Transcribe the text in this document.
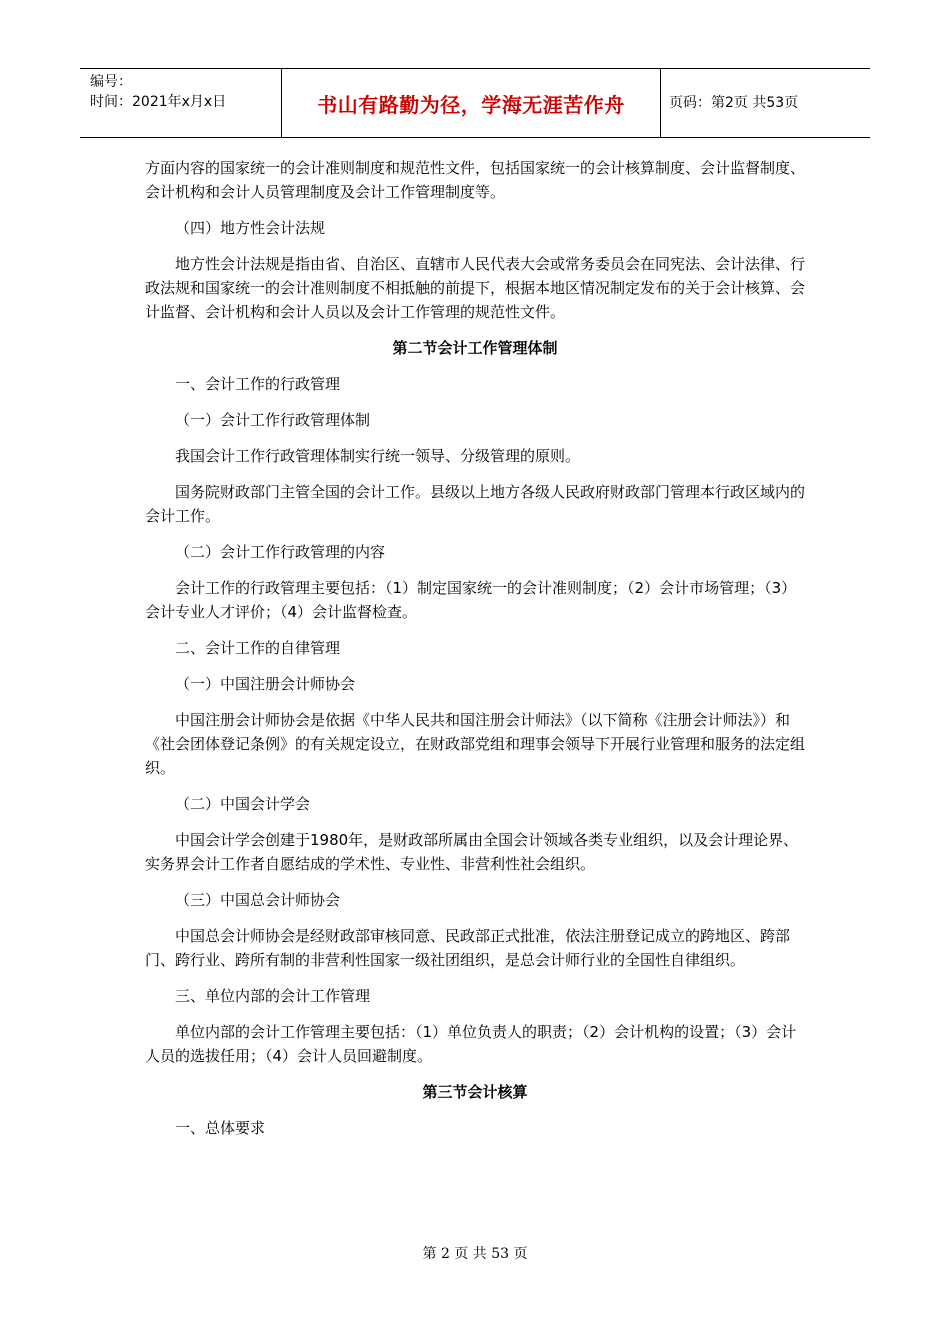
编号：
时间：2021年x月x日	书山有路勤为径，学海无涯苦作舟	页码：第2页 共53页

方面内容的国家统一的会计准则制度和规范性文件，包括国家统一的会计核算制度、会计监督制度、会计机构和会计人员管理制度及会计工作管理制度等。

（四）地方性会计法规

地方性会计法规是指由省、自治区、直辖市人民代表大会或常务委员会在同宪法、会计法律、行政法规和国家统一的会计准则制度不相抵触的前提下，根据本地区情况制定发布的关于会计核算、会计监督、会计机构和会计人员以及会计工作管理的规范性文件。

第二节会计工作管理体制

一、会计工作的行政管理

（一）会计工作行政管理体制

我国会计工作行政管理体制实行统一领导、分级管理的原则。

国务院财政部门主管全国的会计工作。县级以上地方各级人民政府财政部门管理本行政区域内的会计工作。

（二）会计工作行政管理的内容

会计工作的行政管理主要包括：（1）制定国家统一的会计准则制度；（2）会计市场管理；（3）会计专业人才评价；（4）会计监督检查。

二、会计工作的自律管理

（一）中国注册会计师协会

中国注册会计师协会是依据《中华人民共和国注册会计师法》（以下简称《注册会计师法》）和《社会团体登记条例》的有关规定设立，在财政部党组和理事会领导下开展行业管理和服务的法定组织。

（二）中国会计学会

中国会计学会创建于1980年，是财政部所属由全国会计领域各类专业组织，以及会计理论界、实务界会计工作者自愿结成的学术性、专业性、非营利性社会组织。

（三）中国总会计师协会

中国总会计师协会是经财政部审核同意、民政部正式批准，依法注册登记成立的跨地区、跨部门、跨行业、跨所有制的非营利性国家一级社团组织，是总会计师行业的全国性自律组织。

三、单位内部的会计工作管理

单位内部的会计工作管理主要包括：（1）单位负责人的职责；（2）会计机构的设置；（3）会计人员的选拔任用；（4）会计人员回避制度。

第三节会计核算

一、总体要求

第 2 页 共 53 页
